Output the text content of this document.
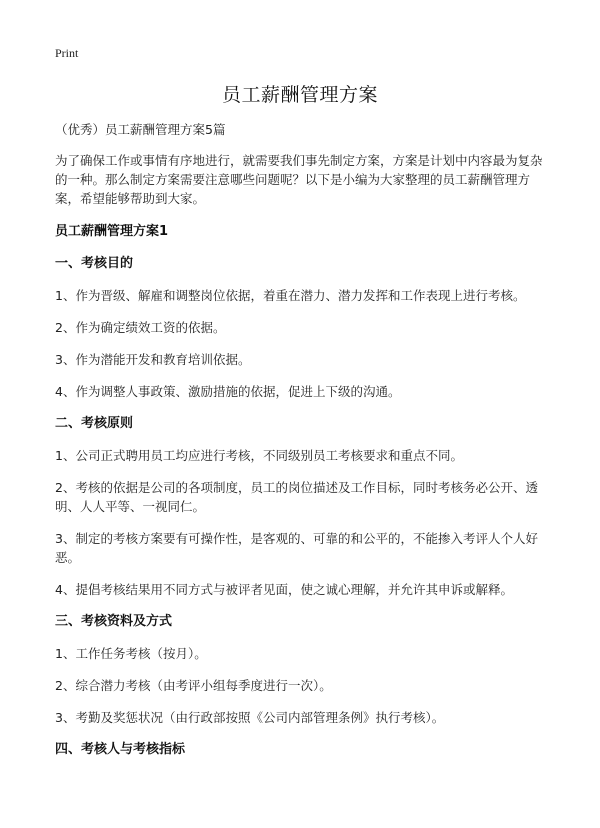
Print
员工薪酬管理方案

（优秀）员工薪酬管理方案5篇

为了确保工作或事情有序地进行，就需要我们事先制定方案，方案是计划中内容最为复杂的一种。那么制定方案需要注意哪些问题呢？以下是小编为大家整理的员工薪酬管理方案，希望能够帮助到大家。

员工薪酬管理方案1

一、考核目的

1、作为晋级、解雇和调整岗位依据，着重在潜力、潜力发挥和工作表现上进行考核。

2、作为确定绩效工资的依据。

3、作为潜能开发和教育培训依据。

4、作为调整人事政策、激励措施的依据，促进上下级的沟通。

二、考核原则

1、公司正式聘用员工均应进行考核，不同级别员工考核要求和重点不同。

2、考核的依据是公司的各项制度，员工的岗位描述及工作目标，同时考核务必公开、透明、人人平等、一视同仁。

3、制定的考核方案要有可操作性，是客观的、可靠的和公平的，不能掺入考评人个人好恶。

4、提倡考核结果用不同方式与被评者见面，使之诚心理解，并允许其申诉或解释。

三、考核资料及方式

1、工作任务考核（按月）。

2、综合潜力考核（由考评小组每季度进行一次）。

3、考勤及奖惩状况（由行政部按照《公司内部管理条例》执行考核）。

四、考核人与考核指标
